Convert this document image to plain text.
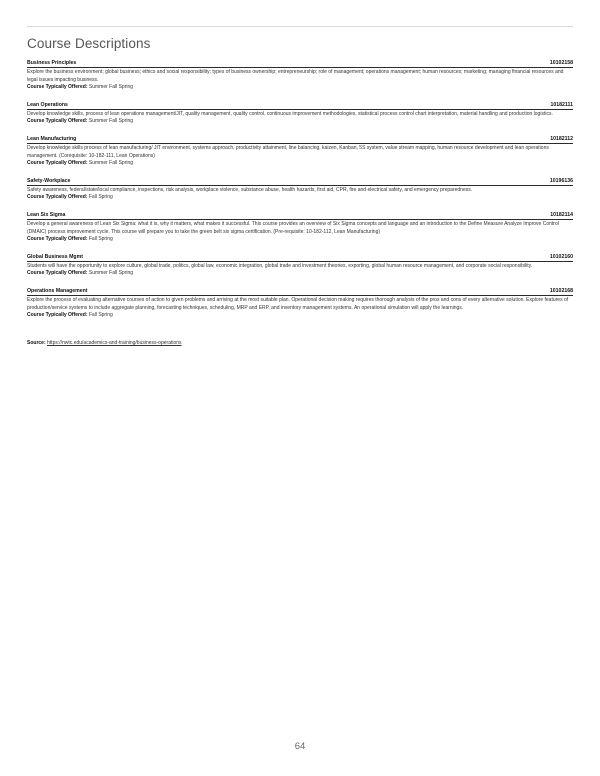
Course Descriptions
Business Principles	10102158
Explore the business environment; global business; ethics and social responsibility; types of business ownership; entrepreneurship; role of management; operations management; human resources; marketing; managing financial resources and legal issues impacting business.
Course Typically Offered: Summer Fall Spring
Lean Operations	10182111
Develop knowledge skills, process of lean operations management/JIT, quality management, quality control, continuous improvement methodologies, statistical process control chart interpretation, material handling and production logistics.
Course Typically Offered: Summer Fall Spring
Lean Manufacturing	10182112
Develop knowledge skills process of lean manufacturing/ JIT environment, systems approach, productivity attainment, line balancing, kaizen, Kanban, 5S system, value stream mapping, human resource development and lean operations management. (Corequisite: 10-182-111, Lean Operations)
Course Typically Offered: Summer Fall Spring
Safety-Workplace	10196136
Safety awareness, federal/state/local compliance, inspections, risk analysis, workplace violence, substance abuse, health hazards, first aid, CPR, fire and electrical safety, and emergency preparedness.
Course Typically Offered: Fall Spring
Lean Six Sigma	10182114
Develop a general awareness of Lean Six Sigma: what it is, why it matters, what makes it successful. This course provides an overview of Six Sigma concepts and language and an introduction to the Define Measure Analyze Improve Control (DMAIC) process improvement cycle. This course will prepare you to take the green belt six sigma certification. (Pre-requisite: 10-182-112, Lean Manufacturing)
Course Typically Offered: Fall Spring
Global Business Mgmt	10102160
Students will have the opportunity to explore culture, global trade, politics, global law, economic integration, global trade and investment theories, exporting, global human resource management, and corporate social responsibility.
Course Typically Offered: Summer Fall Spring
Operations Management	10102168
Explore the process of evaluating alternative courses of action to given problems and arriving at the most suitable plan. Operational decision making requires thorough analysis of the pros and cons of every alternative solution. Explore features of production/service systems to include aggregate planning, forecasting techniques, scheduling, MRP and ERP, and inventory management systems. An operational simulation will apply the learnings.
Course Typically Offered: Fall Spring
Source: https://nwtc.edu/academics-and-training/business-operations
64
